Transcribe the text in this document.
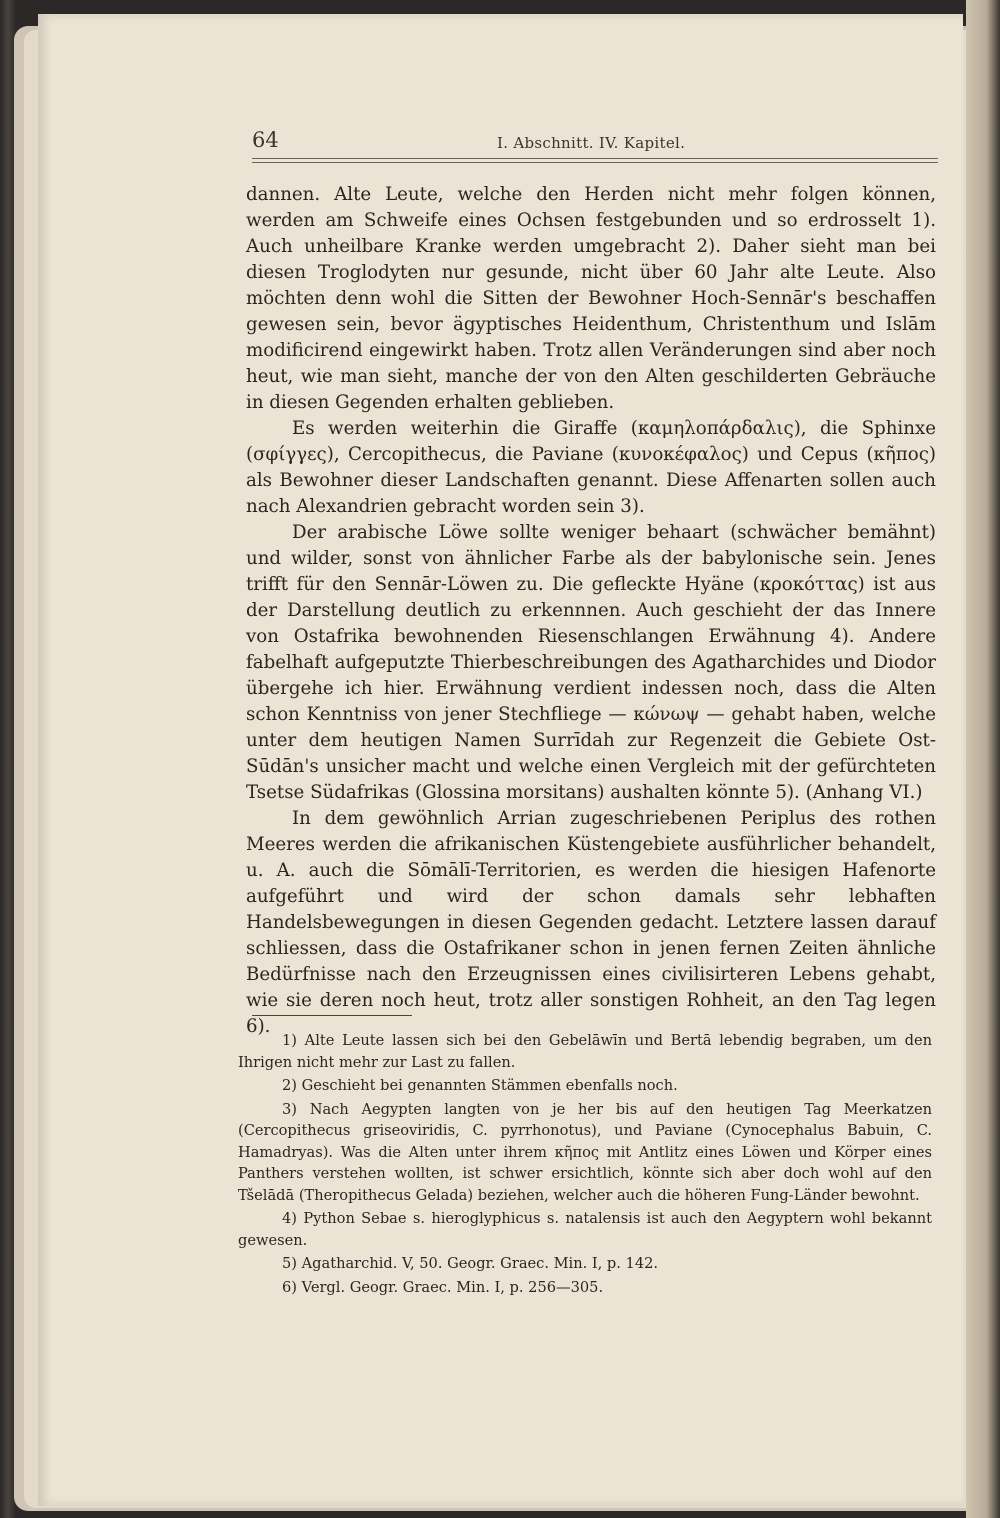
64	I. Abschnitt. IV. Kapitel.

dannen. Alte Leute, welche den Herden nicht mehr folgen können, werden am Schweife eines Ochsen festgebunden und so erdrosselt 1). Auch unheilbare Kranke werden umgebracht 2). Daher sieht man bei diesen Troglodyten nur gesunde, nicht über 60 Jahr alte Leute. Also möchten denn wohl die Sitten der Bewohner Hoch-Sennār's beschaffen gewesen sein, bevor ägyptisches Heidenthum, Christenthum und Islām modificirend eingewirkt haben. Trotz allen Veränderungen sind aber noch heut, wie man sieht, manche der von den Alten geschilderten Gebräuche in diesen Gegenden erhalten geblieben.

Es werden weiterhin die Giraffe (καμηλοπάρδαλις), die Sphinxe (σφίγγες), Cercopithecus, die Paviane (κυνοκέφαλος) und Cepus (κῆπος) als Bewohner dieser Landschaften genannt. Diese Affenarten sollen auch nach Alexandrien gebracht worden sein 3).

Der arabische Löwe sollte weniger behaart (schwächer bemähnt) und wilder, sonst von ähnlicher Farbe als der babylonische sein. Jenes trifft für den Sennār-Löwen zu. Die gefleckte Hyäne (κροκόττας) ist aus der Darstellung deutlich zu erkennnen. Auch geschieht der das Innere von Ostafrika bewohnenden Riesenschlangen Erwähnung 4). Andere fabelhaft aufgeputzte Thierbeschreibungen des Agatharchides und Diodor übergehe ich hier. Erwähnung verdient indessen noch, dass die Alten schon Kenntniss von jener Stechfliege — κώνωψ — gehabt haben, welche unter dem heutigen Namen Surrīdah zur Regenzeit die Gebiete Ost-Sūdān's unsicher macht und welche einen Vergleich mit der gefürchteten Tsetse Südafrikas (Glossina morsitans) aushalten könnte 5). (Anhang VI.)

In dem gewöhnlich Arrian zugeschriebenen Periplus des rothen Meeres werden die afrikanischen Küstengebiete ausführlicher behandelt, u. A. auch die Sōmālī-Territorien, es werden die hiesigen Hafenorte aufgeführt und wird der schon damals sehr lebhaften Handelsbewegungen in diesen Gegenden gedacht. Letztere lassen darauf schliessen, dass die Ostafrikaner schon in jenen fernen Zeiten ähnliche Bedürfnisse nach den Erzeugnissen eines civilisirteren Lebens gehabt, wie sie deren noch heut, trotz aller sonstigen Rohheit, an den Tag legen 6).

1) Alte Leute lassen sich bei den Gebelāwīn und Bertā lebendig begraben, um den Ihrigen nicht mehr zur Last zu fallen.

2) Geschieht bei genannten Stämmen ebenfalls noch.

3) Nach Aegypten langten von je her bis auf den heutigen Tag Meerkatzen (Cercopithecus griseoviridis, C. pyrrhonotus), und Paviane (Cynocephalus Babuin, C. Hamadryas). Was die Alten unter ihrem κῆπος mit Antlitz eines Löwen und Körper eines Panthers verstehen wollten, ist schwer ersichtlich, könnte sich aber doch wohl auf den Tšelādā (Theropithecus Gelada) beziehen, welcher auch die höheren Fung-Länder bewohnt.

4) Python Sebae s. hieroglyphicus s. natalensis ist auch den Aegyptern wohl bekannt gewesen.

5) Agatharchid. V, 50. Geogr. Graec. Min. I, p. 142.

6) Vergl. Geogr. Graec. Min. I, p. 256—305.
